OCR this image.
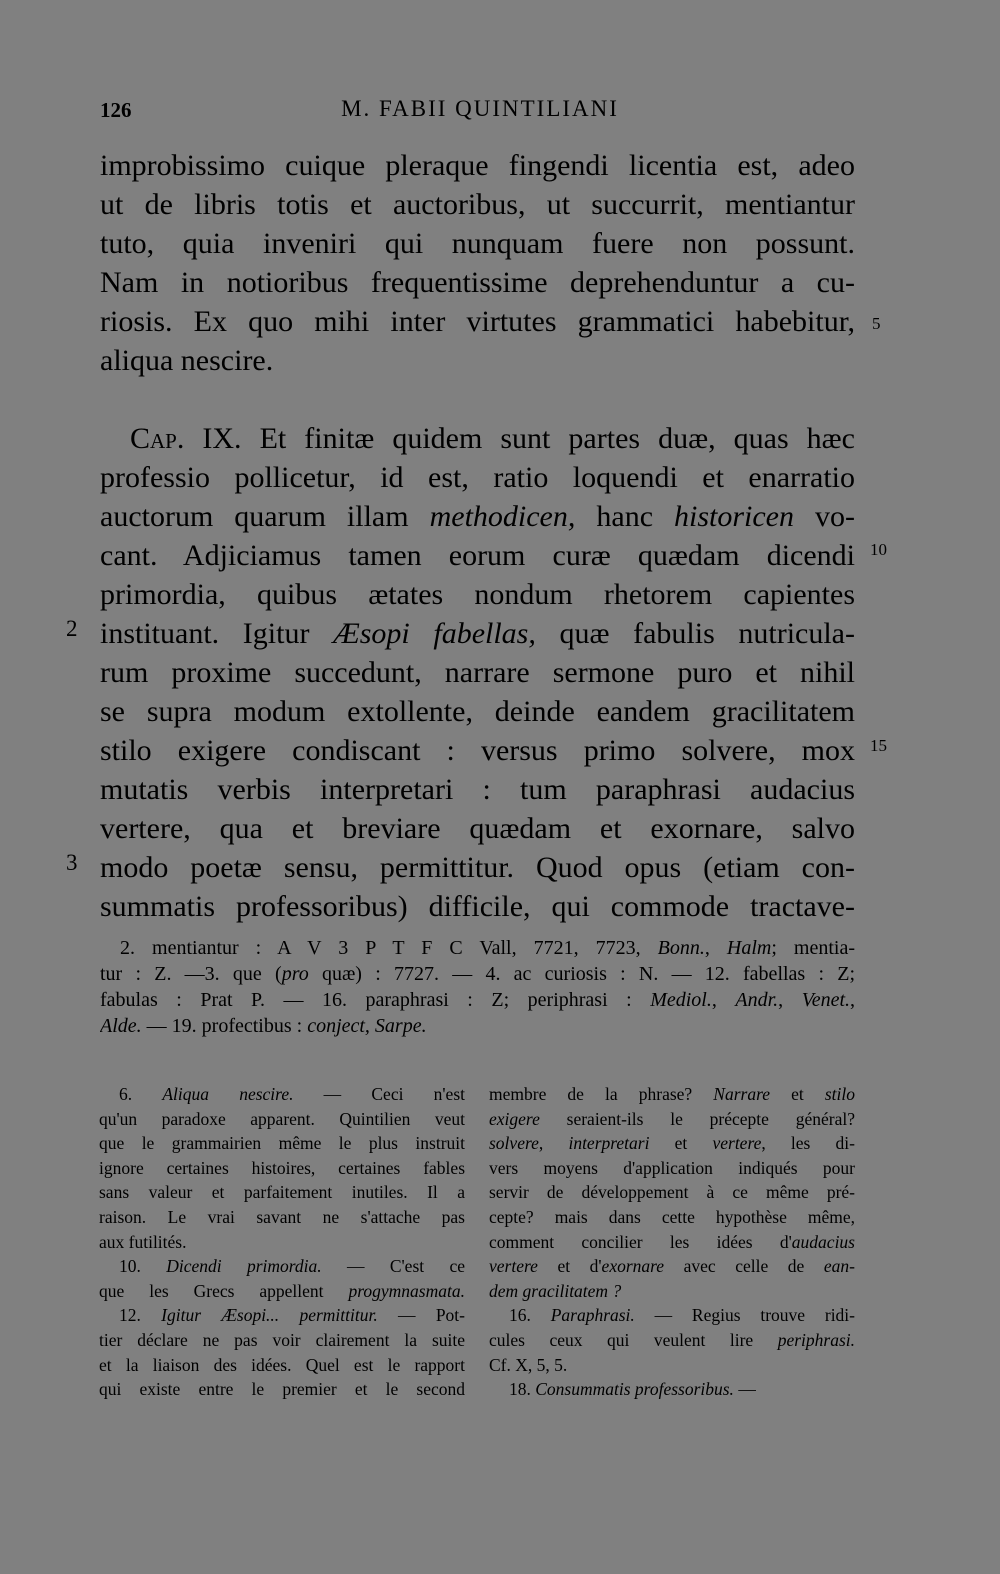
126	M. FABII QUINTILIANI
improbissimo cuique pleraque fingendi licentia est, adeo
ut de libris totis et auctoribus, ut succurrit, mentiantur
tuto, quia inveniri qui nunquam fuere non possunt.
Nam in notioribus frequentissime deprehenduntur a cu-
riosis. Ex quo mihi inter virtutes grammatici habebitur,
aliqua nescire.
Cap. IX. Et finitæ quidem sunt partes duæ, quas hæc
professio pollicetur, id est, ratio loquendi et enarratio
auctorum quarum illam methodicen, hanc historicen vo-
cant. Adjiciamus tamen eorum curæ quædam dicendi
primordia, quibus ætates nondum rhetorem capientes
instituant. Igitur Æsopi fabellas, quæ fabulis nutricula-
rum proxime succedunt, narrare sermone puro et nihil
se supra modum extollente, deinde eandem gracilitatem
stilo exigere condiscant : versus primo solvere, mox
mutatis verbis interpretari : tum paraphrasi audacius
vertere, qua et breviare quædam et exornare, salvo
modo poetæ sensu, permittitur. Quod opus (etiam con-
summatis professoribus) difficile, qui commode tractave-
5
10
15
2
3
2. mentiantur : A V 3 P T F C Vall, 7721, 7723, Bonn., Halm; mentia-
tur : Z. —3. que (pro quæ) : 7727. — 4. ac curiosis : N. — 12. fabellas : Z;
fabulas : Prat P. — 16. paraphrasi : Z; periphrasi : Mediol., Andr., Venet.,
Alde. — 19. profectibus : conject, Sarpe.
6. Aliqua nescire. — Ceci n'est
qu'un paradoxe apparent. Quintilien veut
que le grammairien même le plus instruit
ignore certaines histoires, certaines fables
sans valeur et parfaitement inutiles. Il a
raison. Le vrai savant ne s'attache pas
aux futilités.
10. Dicendi primordia. — C'est ce
que les Grecs appellent progymnasmata.
12. Igitur Æsopi... permittitur. — Pot-
tier déclare ne pas voir clairement la suite
et la liaison des idées. Quel est le rapport
qui existe entre le premier et le second
membre de la phrase? Narrare et stilo
exigere seraient-ils le précepte général?
solvere, interpretari et vertere, les di-
vers moyens d'application indiqués pour
servir de développement à ce même pré-
cepte? mais dans cette hypothèse même,
comment concilier les idées d'audacius
vertere et d'exornare avec celle de ean-
dem gracilitatem ?
16. Paraphrasi. — Regius trouve ridi-
cules ceux qui veulent lire periphrasi.
Cf. X, 5, 5.
18. Consummatis professoribus. —
